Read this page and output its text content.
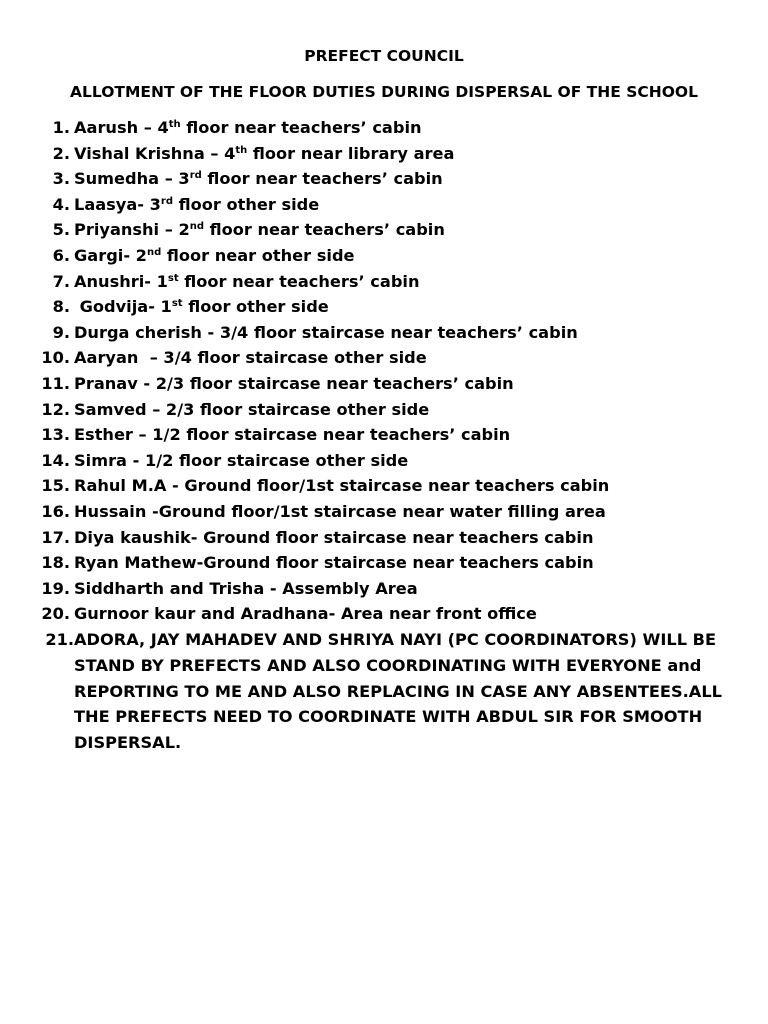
PREFECT COUNCIL
ALLOTMENT OF THE FLOOR DUTIES DURING DISPERSAL OF THE SCHOOL
1. Aarush – 4th floor near teachers’ cabin
2. Vishal Krishna – 4th floor near library area
3. Sumedha – 3rd floor near teachers’ cabin
4. Laasya- 3rd floor other side
5. Priyanshi – 2nd floor near teachers’ cabin
6. Gargi- 2nd floor near other side
7. Anushri- 1st floor near teachers’ cabin
8. Godvija- 1st floor other side
9. Durga cherish - 3/4 floor staircase near teachers’ cabin
10. Aaryan  – 3/4 floor staircase other side
11. Pranav - 2/3 floor staircase near teachers’ cabin
12. Samved – 2/3 floor staircase other side
13. Esther – 1/2 floor staircase near teachers’ cabin
14. Simra - 1/2 floor staircase other side
15. Rahul M.A - Ground floor/1st staircase near teachers cabin
16. Hussain -Ground floor/1st staircase near water filling area
17. Diya kaushik- Ground floor staircase near teachers cabin
18. Ryan Mathew-Ground floor staircase near teachers cabin
19. Siddharth and Trisha - Assembly Area
20. Gurnoor kaur and Aradhana- Area near front office
21. ADORA, JAY MAHADEV AND SHRIYA NAYI (PC COORDINATORS) WILL BE STAND BY PREFECTS AND ALSO COORDINATING WITH EVERYONE and REPORTING TO ME AND ALSO REPLACING IN CASE ANY ABSENTEES.ALL THE PREFECTS NEED TO COORDINATE WITH ABDUL SIR FOR SMOOTH DISPERSAL.
